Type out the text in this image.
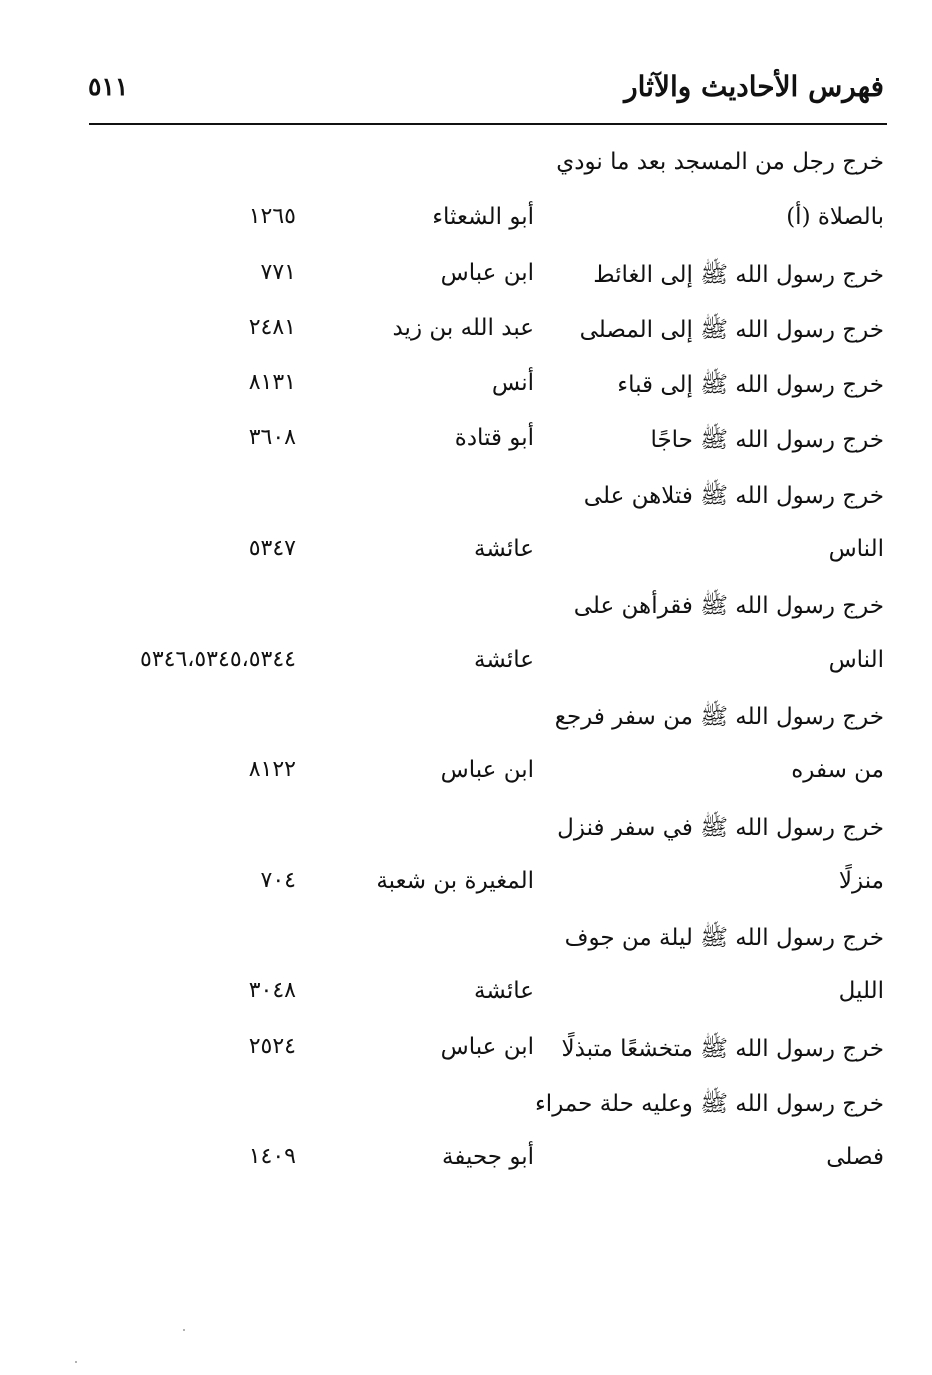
فهرس الأحاديث والآثار
٥١١
خرج رجل من المسجد بعد ما نودي
بالصلاة (أ)
أبو الشعثاء
١٢٦٥
خرج رسول الله ﷺ إلى الغائط
ابن عباس
٧٧١
خرج رسول الله ﷺ إلى المصلى
عبد الله بن زيد
٢٤٨١
خرج رسول الله ﷺ إلى قباء
أنس
٨١٣١
خرج رسول الله ﷺ حاجًا
أبو قتادة
٣٦٠٨
خرج رسول الله ﷺ فتلاهن على
الناس
عائشة
٥٣٤٧
خرج رسول الله ﷺ فقرأهن على
الناس
عائشة
٥٣٤٦،٥٣٤٥،٥٣٤٤
خرج رسول الله ﷺ من سفر فرجع
من سفره
ابن عباس
٨١٢٢
خرج رسول الله ﷺ في سفر فنزل
منزلًا
المغيرة بن شعبة
٧٠٤
خرج رسول الله ﷺ ليلة من جوف
الليل
عائشة
٣٠٤٨
خرج رسول الله ﷺ متخشعًا متبذلًا
ابن عباس
٢٥٢٤
خرج رسول الله ﷺ وعليه حلة حمراء
فصلى
أبو جحيفة
١٤٠٩
